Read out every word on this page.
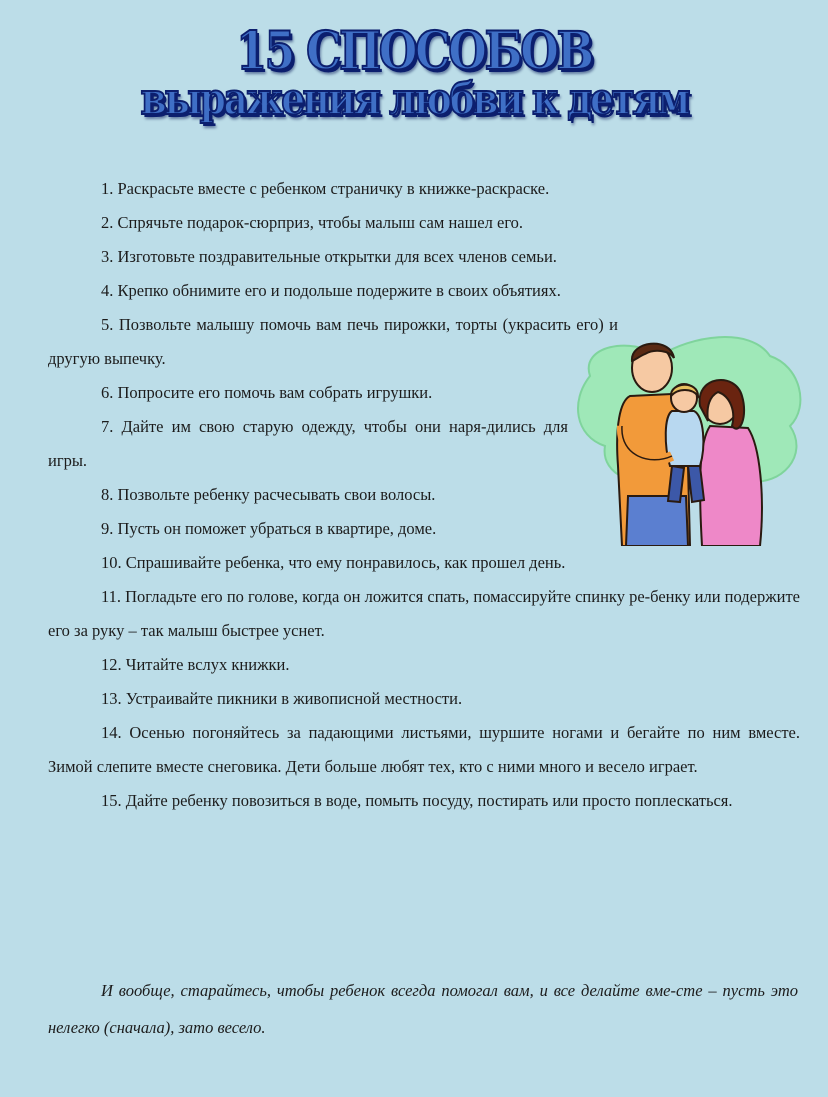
15 СПОСОБОВ
выражения любви к детям

1. Раскрасьте вместе с ребенком страничку в книжке-раскраске.

2. Спрячьте подарок-сюрприз, чтобы малыш сам нашел его.

3. Изготовьте поздравительные открытки для всех членов семьи.

4. Крепко обнимите его и подольше подержите в своих объятиях.

5. Позвольте малышу помочь вам печь пирожки, торты (украсить его) и другую выпечку.

6. Попросите его помочь вам собрать игрушки.

7. Дайте им свою старую одежду, чтобы они наря-дились для игры.

8. Позвольте ребенку расчесывать свои волосы.

9. Пусть он поможет убраться в квартире, доме.

10. Спрашивайте ребенка, что ему понравилось, как прошел день.

11. Погладьте его по голове, когда он ложится спать, помассируйте спинку ре-бенку или подержите его за руку – так малыш быстрее уснет.

12. Читайте вслух книжки.

13. Устраивайте пикники в живописной местности.

14. Осенью погоняйтесь за падающими листьями, шуршите ногами и бегайте по ним вместе. Зимой слепите вместе снеговика. Дети больше любят тех, кто с ними много и весело играет.

15. Дайте ребенку повозиться в воде, помыть посуду, постирать или просто поплескаться.

И вообще, старайтесь, чтобы ребенок всегда помогал вам, и все делайте вме-сте – пусть это нелегко (сначала), зато весело.
